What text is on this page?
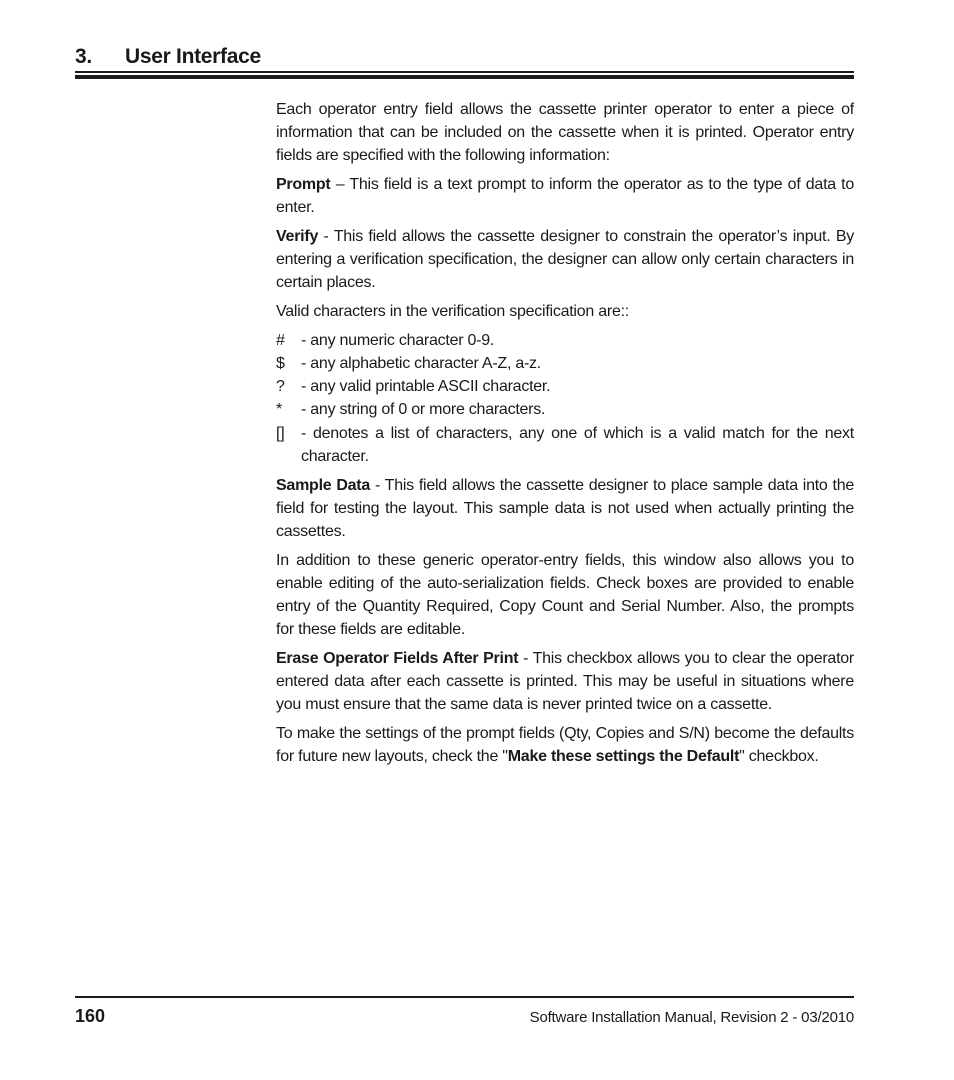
3. User Interface

Each operator entry field allows the cassette printer operator to enter a piece of information that can be included on the cassette when it is printed. Operator entry fields are specified with the following information:

Prompt – This field is a text prompt to inform the operator as to the type of data to enter.

Verify - This field allows the cassette designer to constrain the operator’s input. By entering a verification specification, the designer can allow only certain characters in certain places.

Valid characters in the verification specification are::

#	- any numeric character 0-9.
$	- any alphabetic character A-Z, a-z.
?	- any valid printable ASCII character.
*	- any string of 0 or more characters.
[]	- denotes a list of characters, any one of which is a valid match for the next character.

Sample Data - This field allows the cassette designer to place sample data into the field for testing the layout. This sample data is not used when actually printing the cassettes.

In addition to these generic operator-entry fields, this window also allows you to enable editing of the auto-serialization fields. Check boxes are provided to enable entry of the Quantity Required, Copy Count and Serial Number. Also, the prompts for these fields are editable.

Erase Operator Fields After Print - This checkbox allows you to clear the operator entered data after each cassette is printed. This may be useful in situations where you must ensure that the same data is never printed twice on a cassette.

To make the settings of the prompt fields (Qty, Copies and S/N) become the defaults for future new layouts, check the "Make these settings the Default" checkbox.

160	Software Installation Manual, Revision 2 - 03/2010
